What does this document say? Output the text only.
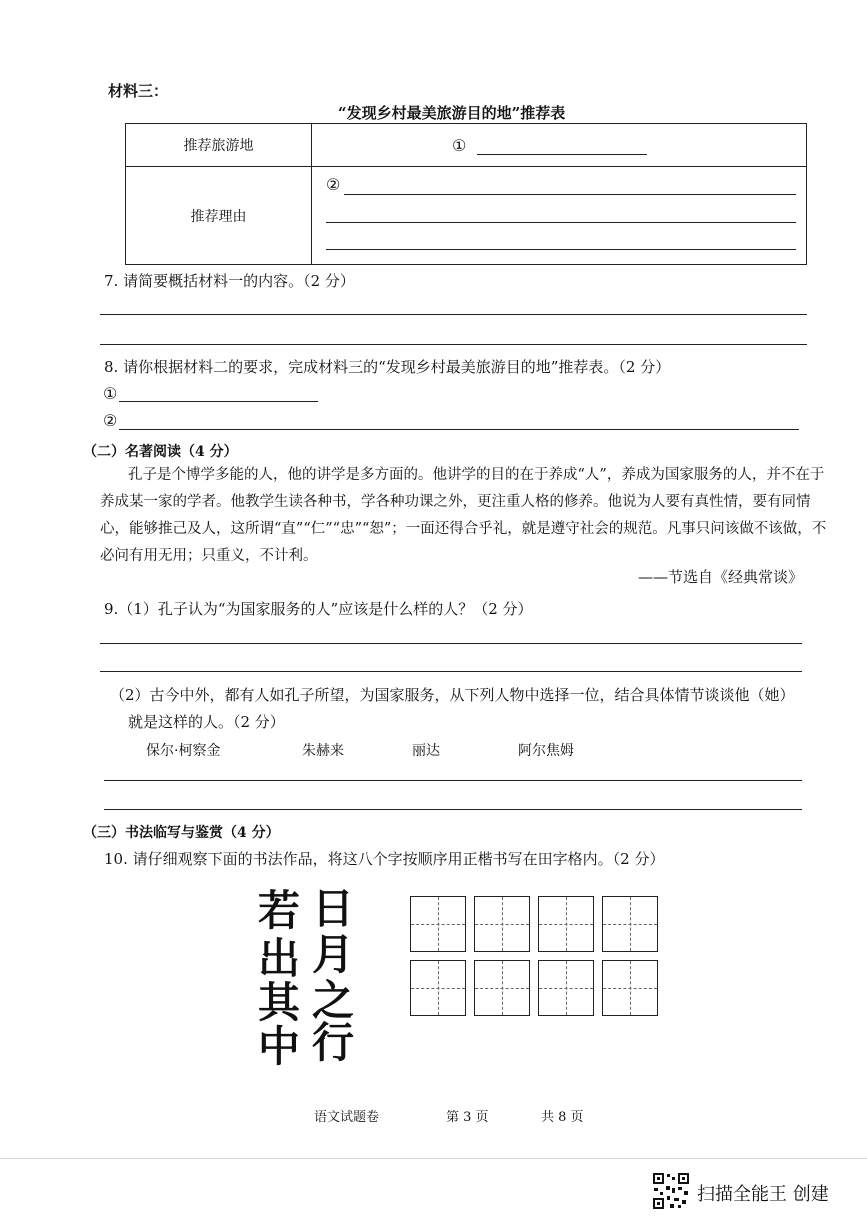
材料三：
“发现乡村最美旅游目的地”推荐表
推荐旅游地	①
推荐理由	②
7. 请简要概括材料一的内容。（2 分）
8. 请你根据材料二的要求，完成材料三的“发现乡村最美旅游目的地”推荐表。（2 分）
①
②
（二）名著阅读（4 分）
孔子是个博学多能的人，他的讲学是多方面的。他讲学的目的在于养成“人”，养成为国家服务的人，并不在于养成某一家的学者。他教学生读各种书，学各种功课之外，更注重人格的修养。他说为人要有真性情，要有同情心，能够推己及人，这所谓“直”“仁”“忠”“恕”；一面还得合乎礼，就是遵守社会的规范。凡事只问该做不该做，不必问有用无用；只重义，不计利。
——节选自《经典常谈》
9.（1）孔子认为“为国家服务的人”应该是什么样的人？（2 分）
（2）古今中外，都有人如孔子所望，为国家服务，从下列人物中选择一位，结合具体情节谈谈他（她）
就是这样的人。（2 分）
保尔·柯察金	朱赫来	丽达	阿尔焦姆
（三）书法临写与鉴赏（4 分）
10. 请仔细观察下面的书法作品，将这八个字按顺序用正楷书写在田字格内。（2 分）
若
出
其
中
日
月
之
行
语文试题卷	第 3 页	共 8 页
扫描全能王 创建
